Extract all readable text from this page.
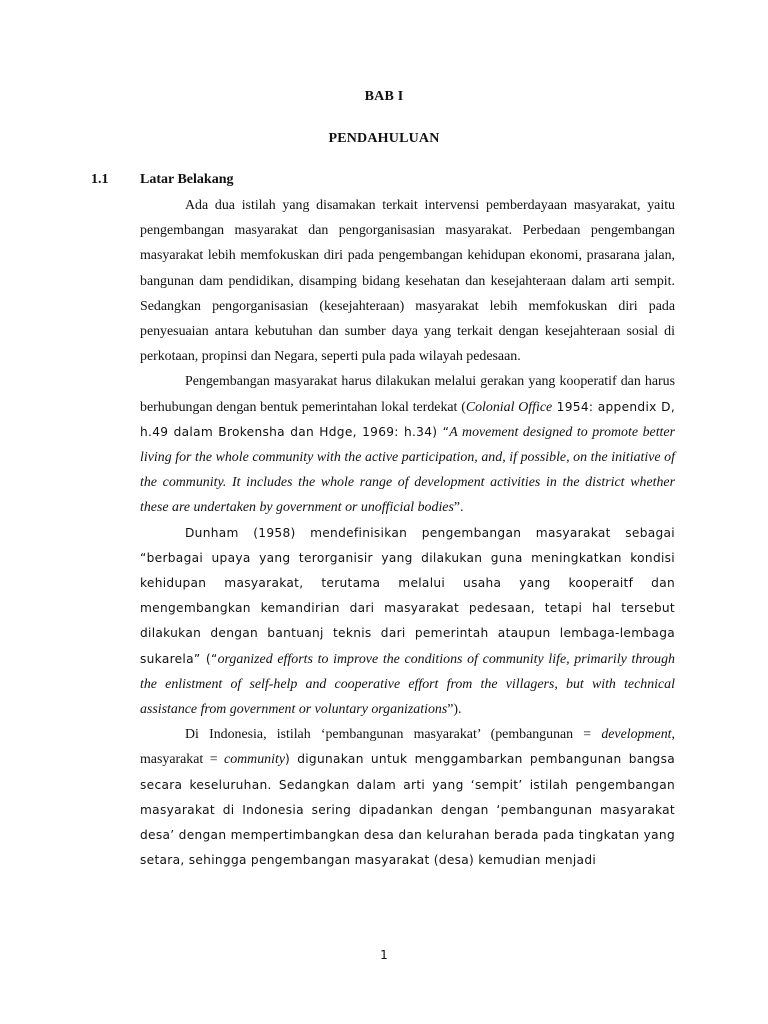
BAB I
PENDAHULUAN
1.1 Latar Belakang

Ada dua istilah yang disamakan terkait intervensi pemberdayaan masyarakat, yaitu pengembangan masyarakat dan pengorganisasian masyarakat. Perbedaan pengembangan masyarakat lebih memfokuskan diri pada pengembangan kehidupan ekonomi, prasarana jalan, bangunan dam pendidikan, disamping bidang kesehatan dan kesejahteraan dalam arti sempit. Sedangkan pengorganisasian (kesejahteraan) masyarakat lebih memfokuskan diri pada penyesuaian antara kebutuhan dan sumber daya yang terkait dengan kesejahteraan sosial di perkotaan, propinsi dan Negara, seperti pula pada wilayah pedesaan.

Pengembangan masyarakat harus dilakukan melalui gerakan yang kooperatif dan harus berhubungan dengan bentuk pemerintahan lokal terdekat (Colonial Office 1954: appendix D, h.49 dalam Brokensha dan Hdge, 1969: h.34) “A movement designed to promote better living for the whole community with the active participation, and, if possible, on the initiative of the community. It includes the whole range of development activities in the district whether these are undertaken by government or unofficial bodies”.

Dunham (1958) mendefinisikan pengembangan masyarakat sebagai “berbagai upaya yang terorganisir yang dilakukan guna meningkatkan kondisi kehidupan masyarakat, terutama melalui usaha yang kooperaitf dan mengembangkan kemandirian dari masyarakat pedesaan, tetapi hal tersebut dilakukan dengan bantuanj teknis dari pemerintah ataupun lembaga-lembaga sukarela” (“organized efforts to improve the conditions of community life, primarily through the enlistment of self-help and cooperative effort from the villagers, but with technical assistance from government or voluntary organizations”).

Di Indonesia, istilah ‘pembangunan masyarakat’ (pembangunan = development, masyarakat = community) digunakan untuk menggambarkan pembangunan bangsa secara keseluruhan. Sedangkan dalam arti yang ‘sempit’ istilah pengembangan masyarakat di Indonesia sering dipadankan dengan ‘pembangunan masyarakat desa’ dengan mempertimbangkan desa dan kelurahan berada pada tingkatan yang setara, sehingga pengembangan masyarakat (desa) kemudian menjadi

1
